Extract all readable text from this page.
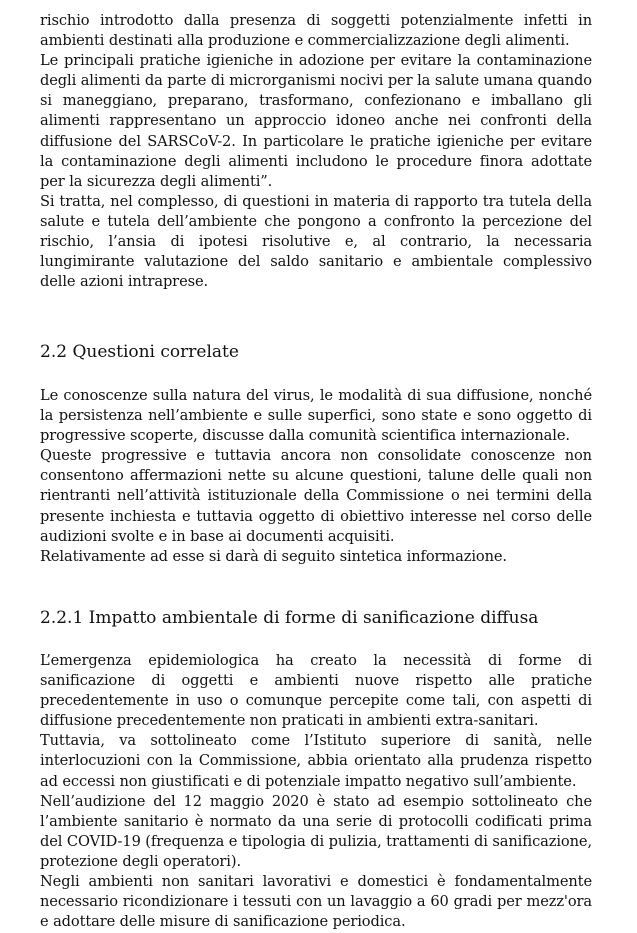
rischio introdotto dalla presenza di soggetti potenzialmente infetti in ambienti destinati alla produzione e commercializzazione degli alimenti.

Le principali pratiche igieniche in adozione per evitare la contaminazione degli alimenti da parte di microrganismi nocivi per la salute umana quando si maneggiano, preparano, trasformano, confezionano e imballano gli alimenti rappresentano un approccio idoneo anche nei confronti della diffusione del SARSCoV-2. In particolare le pratiche igieniche per evitare la contaminazione degli alimenti includono le procedure finora adottate per la sicurezza degli alimenti”.

Si tratta, nel complesso, di questioni in materia di rapporto tra tutela della salute e tutela dell’ambiente che pongono a confronto la percezione del rischio, l’ansia di ipotesi risolutive e, al contrario, la necessaria lungimirante valutazione del saldo sanitario e ambientale complessivo delle azioni intraprese.

2.2 Questioni correlate

Le conoscenze sulla natura del virus, le modalità di sua diffusione, nonché la persistenza nell’ambiente e sulle superfici, sono state e sono oggetto di progressive scoperte, discusse dalla comunità scientifica internazionale.

Queste progressive e tuttavia ancora non consolidate conoscenze non consentono affermazioni nette su alcune questioni, talune delle quali non rientranti nell’attività istituzionale della Commissione o nei termini della presente inchiesta e tuttavia oggetto di obiettivo interesse nel corso delle audizioni svolte e in base ai documenti acquisiti.

Relativamente ad esse si darà di seguito sintetica informazione.

2.2.1 Impatto ambientale di forme di sanificazione diffusa

L’emergenza epidemiologica ha creato la necessità di forme di sanificazione di oggetti e ambienti nuove rispetto alle pratiche precedentemente in uso o comunque percepite come tali, con aspetti di diffusione precedentemente non praticati in ambienti extra-sanitari.

Tuttavia, va sottolineato come l’Istituto superiore di sanità, nelle interlocuzioni con la Commissione, abbia orientato alla prudenza rispetto ad eccessi non giustificati e di potenziale impatto negativo sull’ambiente.

Nell’audizione del 12 maggio 2020 è stato ad esempio sottolineato che l’ambiente sanitario è normato da una serie di protocolli codificati prima del COVID-19 (frequenza e tipologia di pulizia, trattamenti di sanificazione, protezione degli operatori).

Negli ambienti non sanitari lavorativi e domestici è fondamentalmente necessario ricondizionare i tessuti con un lavaggio a 60 gradi per mezz'ora e adottare delle misure di sanificazione periodica.
